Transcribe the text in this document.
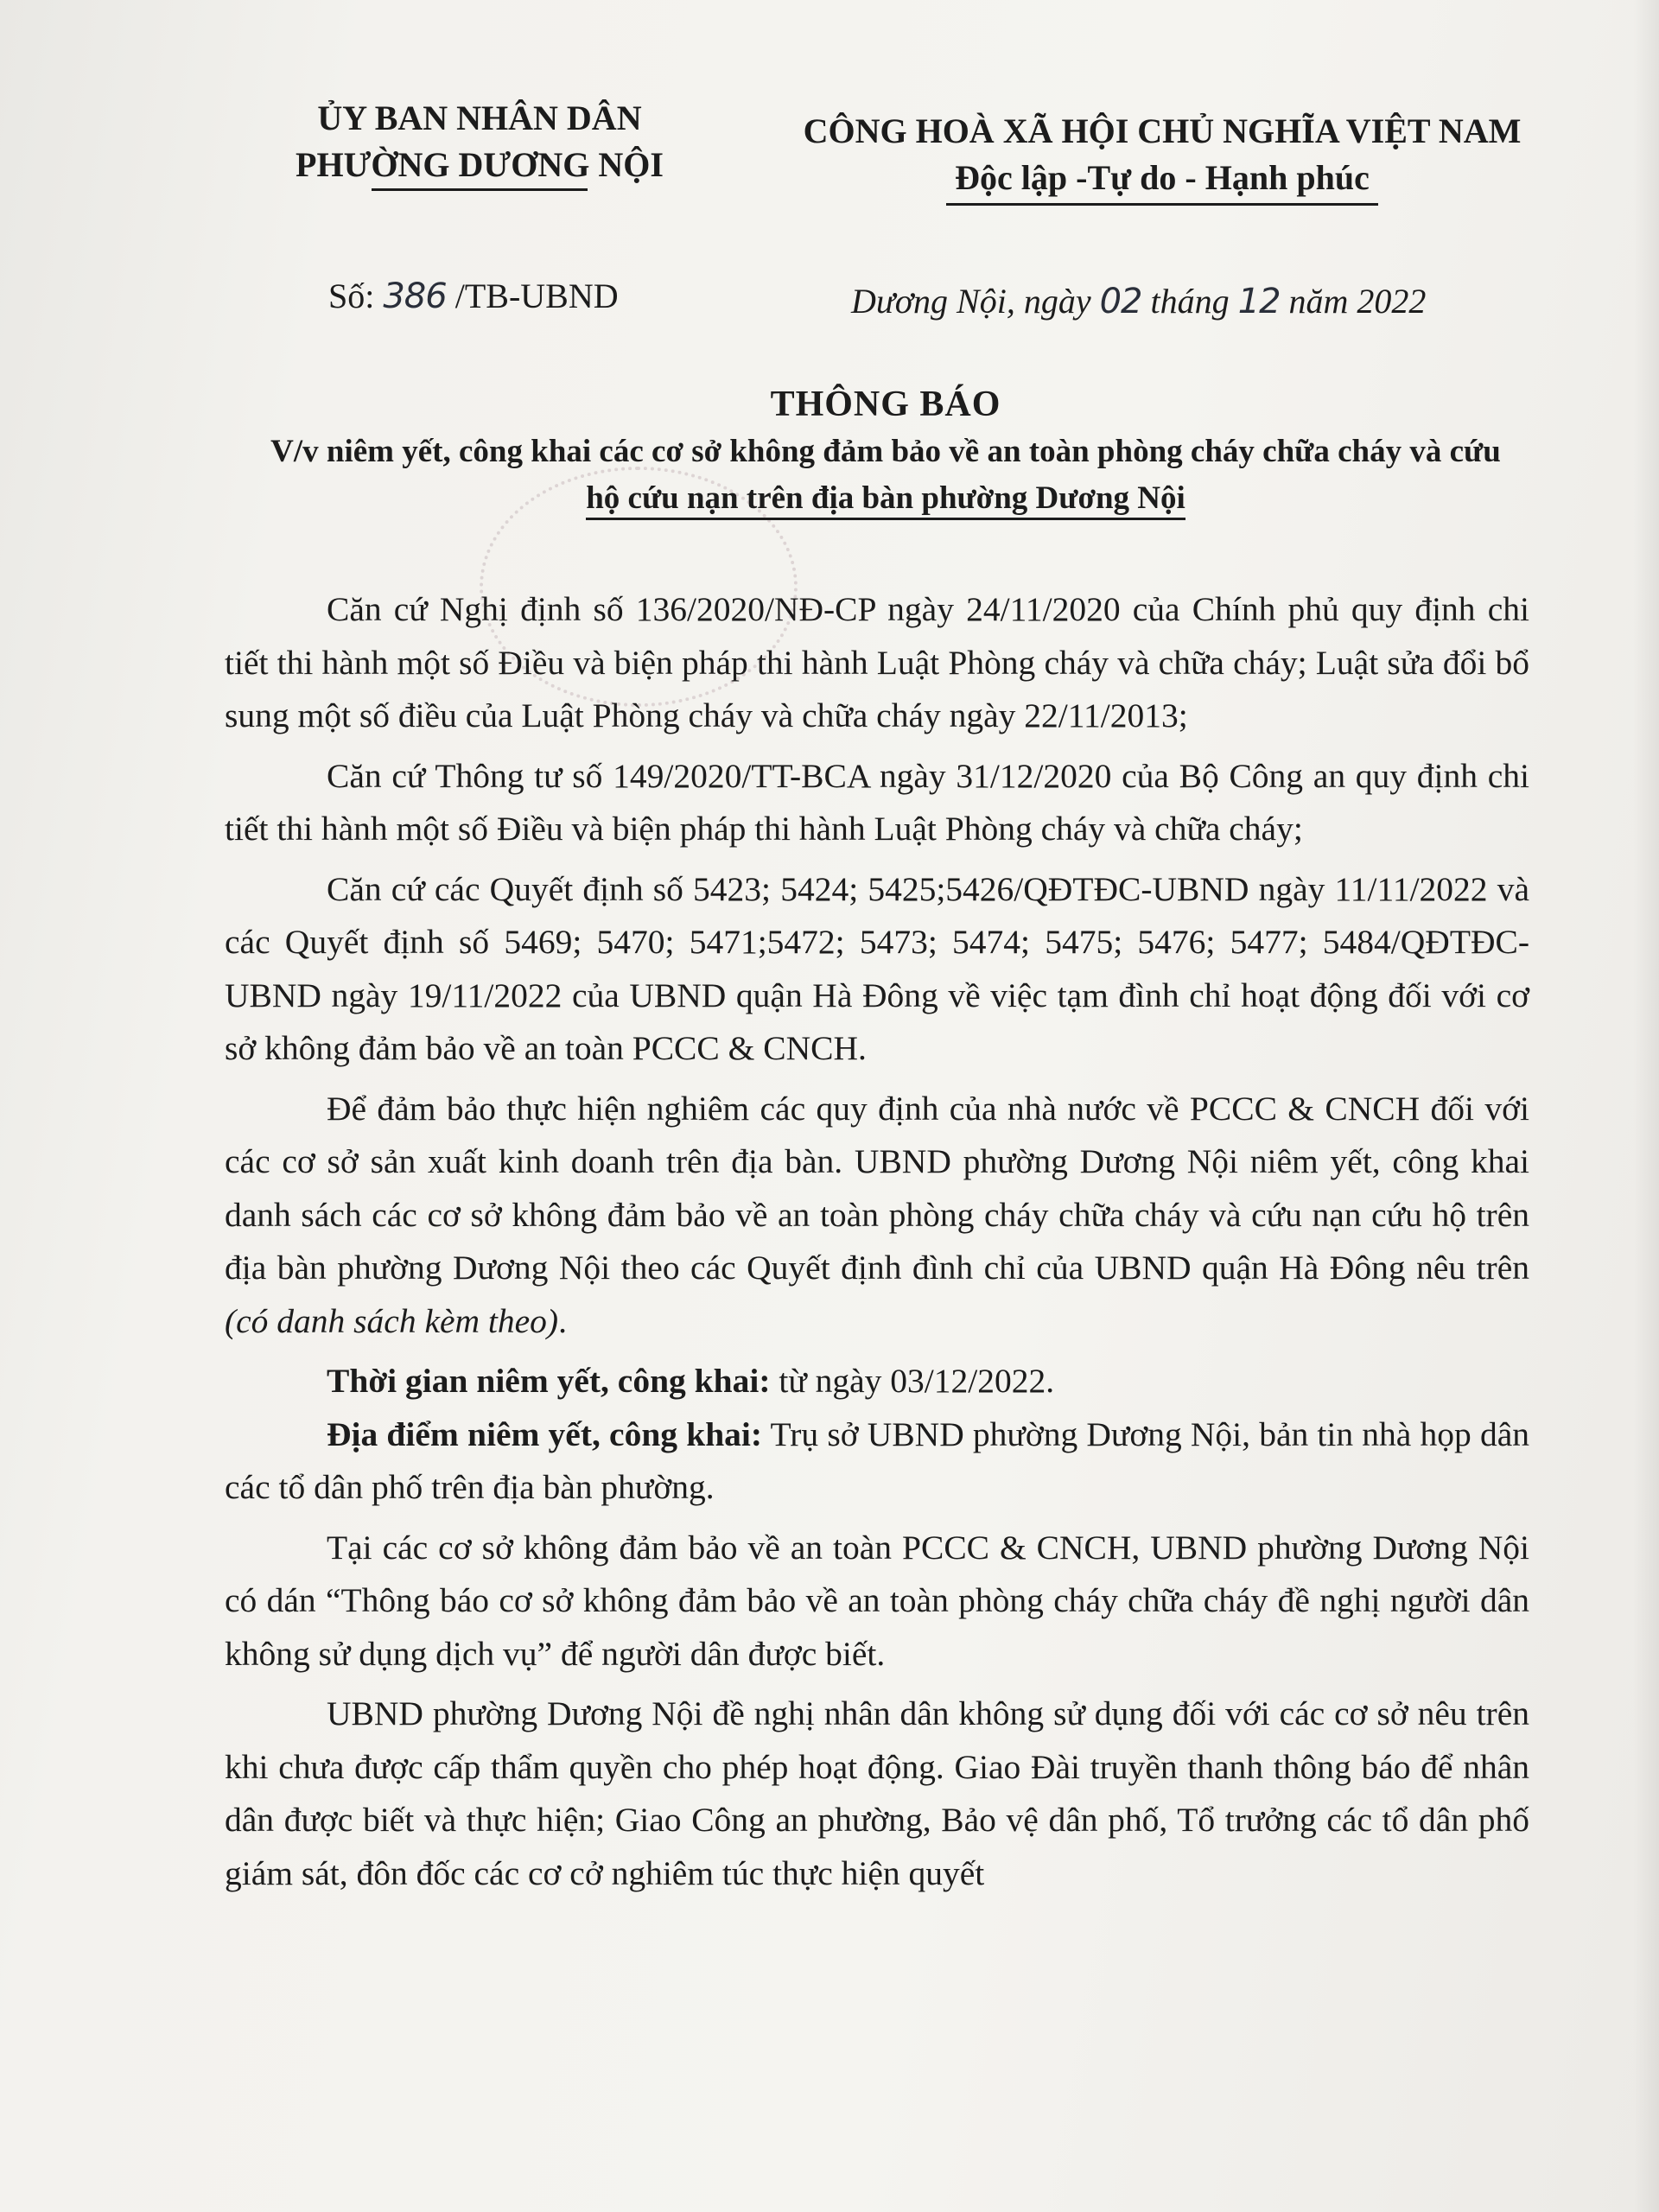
ỦY BAN NHÂN DÂN
PHƯỜNG DƯƠNG NỘI
CÔNG HOÀ XÃ HỘI CHỦ NGHĨA VIỆT NAM
Độc lập -Tự do - Hạnh phúc
Số: 386 /TB-UBND	Dương Nội, ngày 02 tháng 12 năm 2022
THÔNG BÁO
V/v niêm yết, công khai các cơ sở không đảm bảo về an toàn phòng cháy chữa cháy và cứu
hộ cứu nạn trên địa bàn phường Dương Nội

Căn cứ Nghị định số 136/2020/NĐ-CP ngày 24/11/2020 của Chính phủ quy định chi tiết thi hành một số Điều và biện pháp thi hành Luật Phòng cháy và chữa cháy; Luật sửa đổi bổ sung một số điều của Luật Phòng cháy và chữa cháy ngày 22/11/2013;

Căn cứ Thông tư số 149/2020/TT-BCA ngày 31/12/2020 của Bộ Công an quy định chi tiết thi hành một số Điều và biện pháp thi hành Luật Phòng cháy và chữa cháy;

Căn cứ các Quyết định số 5423; 5424; 5425;5426/QĐTĐC-UBND ngày 11/11/2022 và các Quyết định số 5469; 5470; 5471;5472; 5473; 5474; 5475; 5476; 5477; 5484/QĐTĐC-UBND ngày 19/11/2022 của UBND quận Hà Đông về việc tạm đình chỉ hoạt động đối với cơ sở không đảm bảo về an toàn PCCC & CNCH.

Để đảm bảo thực hiện nghiêm các quy định của nhà nước về PCCC & CNCH đối với các cơ sở sản xuất kinh doanh trên địa bàn. UBND phường Dương Nội niêm yết, công khai danh sách các cơ sở không đảm bảo về an toàn phòng cháy chữa cháy và cứu nạn cứu hộ trên địa bàn phường Dương Nội theo các Quyết định đình chỉ của UBND quận Hà Đông nêu trên (có danh sách kèm theo).

Thời gian niêm yết, công khai: từ ngày 03/12/2022.

Địa điểm niêm yết, công khai: Trụ sở UBND phường Dương Nội, bản tin nhà họp dân các tổ dân phố trên địa bàn phường.

Tại các cơ sở không đảm bảo về an toàn PCCC & CNCH, UBND phường Dương Nội có dán “Thông báo cơ sở không đảm bảo về an toàn phòng cháy chữa cháy đề nghị người dân không sử dụng dịch vụ” để người dân được biết.

UBND phường Dương Nội đề nghị nhân dân không sử dụng đối với các cơ sở nêu trên khi chưa được cấp thẩm quyền cho phép hoạt động. Giao Đài truyền thanh thông báo để nhân dân được biết và thực hiện; Giao Công an phường, Bảo vệ dân phố, Tổ trưởng các tổ dân phố giám sát, đôn đốc các cơ cở nghiêm túc thực hiện quyết
